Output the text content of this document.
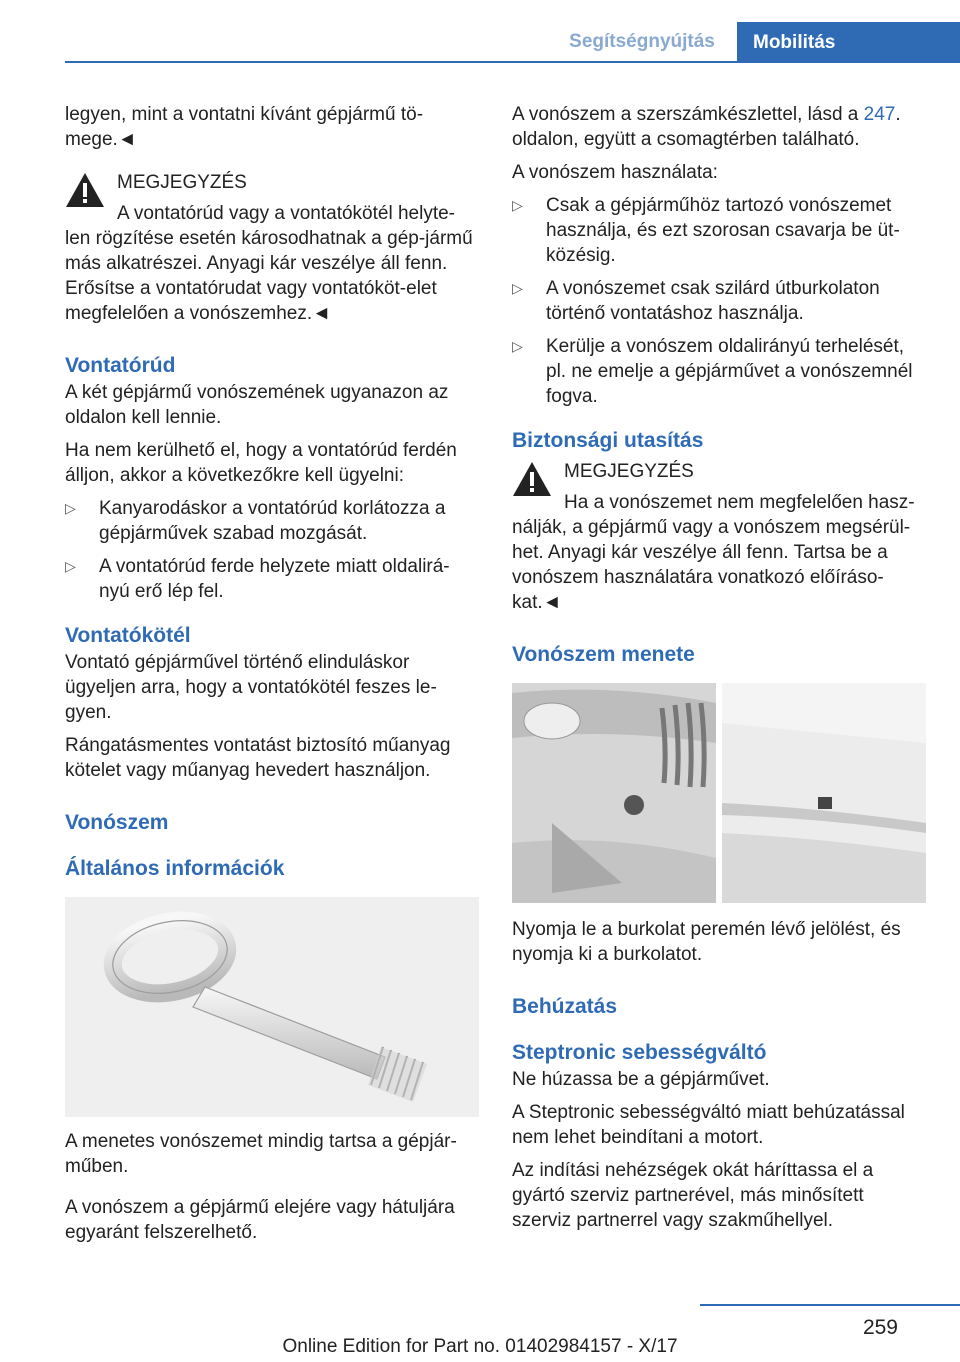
Segítségnyújtás	Mobilitás

legyen, mint a vontatni kívánt gépjármű tö-mege.◄

MEGJEGYZÉS
A vontatórúd vagy a vontatókötél helyte-
len rögzítése esetén károsodhatnak a gép-jármű más alkatrészei. Anyagi kár veszélye áll fenn. Erősítse a vontatórudat vagy vontatóköt-elet megfelelően a vonószemhez.◄
Vontatórúd

A két gépjármű vonószemének ugyanazon az oldalon kell lennie.

Ha nem kerülhető el, hogy a vontatórúd ferdén álljon, akkor a következőkre kell ügyelni:

▷ Kanyarodáskor a vontatórúd korlátozza a gépjárművek szabad mozgását.
▷ A vontatórúd ferde helyzete miatt oldalirá-nyú erő lép fel.
Vontatókötél

Vontató gépjárművel történő elinduláskor ügyeljen arra, hogy a vontatókötél feszes le-gyen.

Rángatásmentes vontatást biztosító műanyag kötelet vagy műanyag hevedert használjon.

Vonószem
Általános információk

A menetes vonószemet mindig tartsa a gépjár-műben.

A vonószem a gépjármű elejére vagy hátuljára egyaránt felszerelhető.

A vonószem a szerszámkészlettel, lásd a 247. oldalon, együtt a csomagtérben található.

A vonószem használata:

▷ Csak a gépjárműhöz tartozó vonószemet használja, és ezt szorosan csavarja be üt-közésig.
▷ A vonószemet csak szilárd útburkolaton történő vontatáshoz használja.
▷ Kerülje a vonószem oldalirányú terhelését, pl. ne emelje a gépjárművet a vonószemnél fogva.
Biztonsági utasítás
MEGJEGYZÉS
Ha a vonószemet nem megfelelően hasz-
nálják, a gépjármű vagy a vonószem megsérül-het. Anyagi kár veszélye áll fenn. Tartsa be a vonószem használatára vonatkozó előíráso-kat.◄
Vonószem menete

Nyomja le a burkolat peremén lévő jelölést, és nyomja ki a burkolatot.

Behúzatás
Steptronic sebességváltó

Ne húzassa be a gépjárművet.

A Steptronic sebességváltó miatt behúzatással nem lehet beindítani a motort.

Az indítási nehézségek okát háríttassa el a gyártó szerviz partnerével, más minősített szerviz partnerrel vagy szakműhellyel.

259
Online Edition for Part no. 01402984157 - X/17
